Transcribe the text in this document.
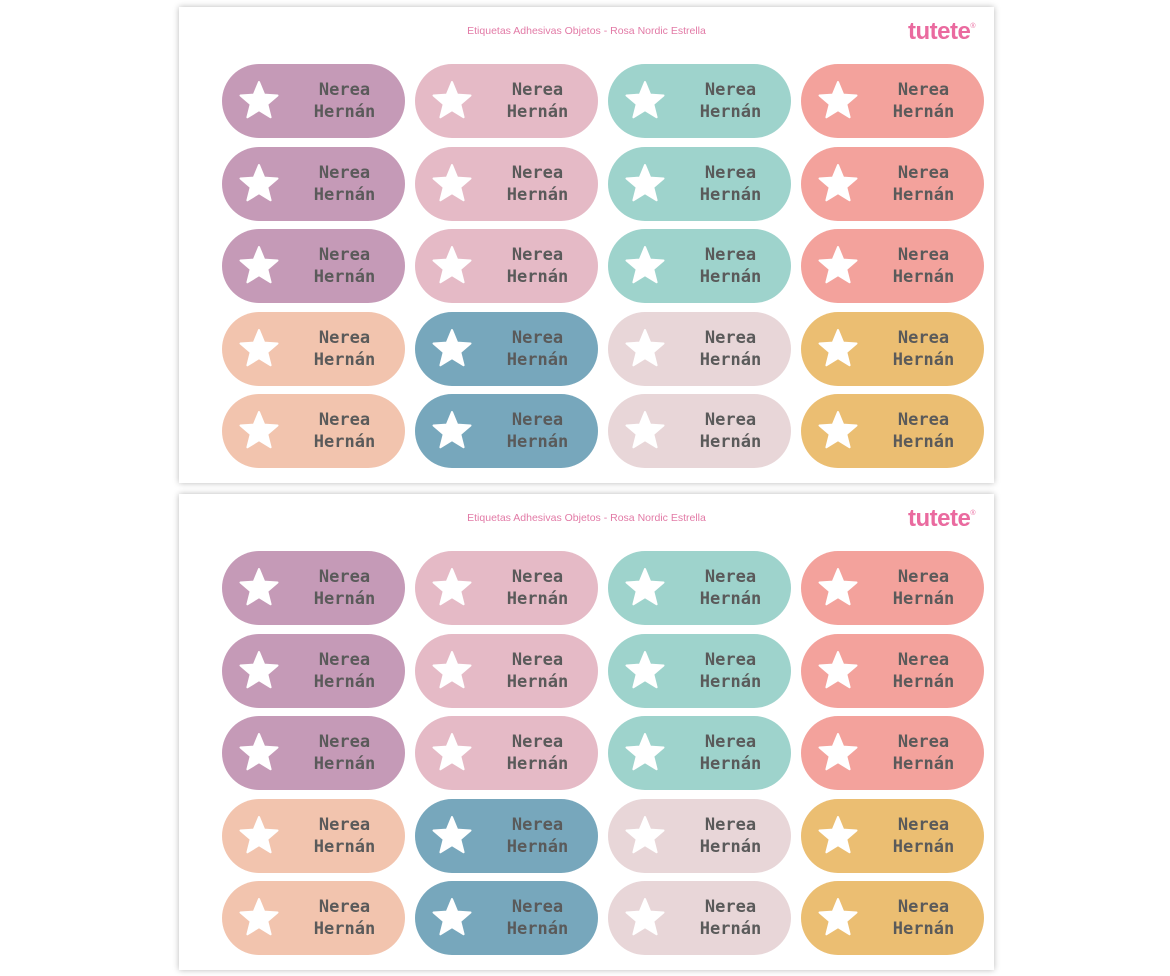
Etiquetas Adhesivas Objetos - Rosa Nordic Estrella	tutete®
Nerea
Hernán
Nerea
Hernán
Nerea
Hernán
Nerea
Hernán
Nerea
Hernán
Nerea
Hernán
Nerea
Hernán
Nerea
Hernán
Nerea
Hernán
Nerea
Hernán
Nerea
Hernán
Nerea
Hernán
Nerea
Hernán
Nerea
Hernán
Nerea
Hernán
Nerea
Hernán
Nerea
Hernán
Nerea
Hernán
Nerea
Hernán
Nerea
Hernán
Etiquetas Adhesivas Objetos - Rosa Nordic Estrella	tutete®
Nerea
Hernán
Nerea
Hernán
Nerea
Hernán
Nerea
Hernán
Nerea
Hernán
Nerea
Hernán
Nerea
Hernán
Nerea
Hernán
Nerea
Hernán
Nerea
Hernán
Nerea
Hernán
Nerea
Hernán
Nerea
Hernán
Nerea
Hernán
Nerea
Hernán
Nerea
Hernán
Nerea
Hernán
Nerea
Hernán
Nerea
Hernán
Nerea
Hernán
